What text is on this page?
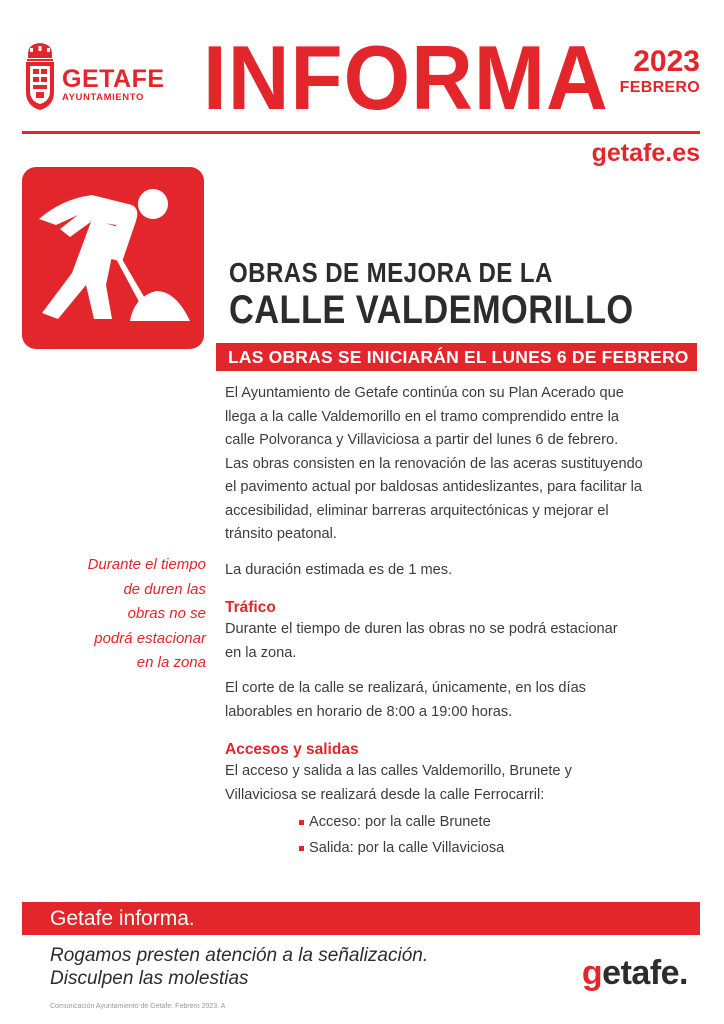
GETAFE
AYUNTAMIENTO INFORMA 2023
FEBRERO
getafe.es
OBRAS DE MEJORA DE LA
CALLE VALDEMORILLO
LAS OBRAS SE INICIARÁN EL LUNES 6 DE FEBRERO

El Ayuntamiento de Getafe continúa con su Plan Acerado que

llega a la calle Valdemorillo en el tramo comprendido entre la

calle Polvoranca y Villaviciosa a partir del lunes 6 de febrero.

Las obras consisten en la renovación de las aceras sustituyendo

el pavimento actual por baldosas antideslizantes, para facilitar la

accesibilidad, eliminar barreras arquitectónicas y mejorar el

tránsito peatonal.

La duración estimada es de 1 mes.

Tráfico

Durante el tiempo de duren las obras no se podrá estacionar

en la zona.

El corte de la calle se realizará, únicamente, en los días

laborables en horario de 8:00 a 19:00 horas.

Accesos y salidas

El acceso y salida a las calles Valdemorillo, Brunete y

Villaviciosa se realizará desde la calle Ferrocarril:

Acceso: por la calle Brunete
Salida: por la calle Villaviciosa
Durante el tiempo
de duren las
obras no se
podrá estacionar
en la zona
Getafe informa.
Rogamos presten atención a la señalización.
Disculpen las molestias	getafe.
Comunicación Ayuntamiento de Getafe. Febrero 2023. A
